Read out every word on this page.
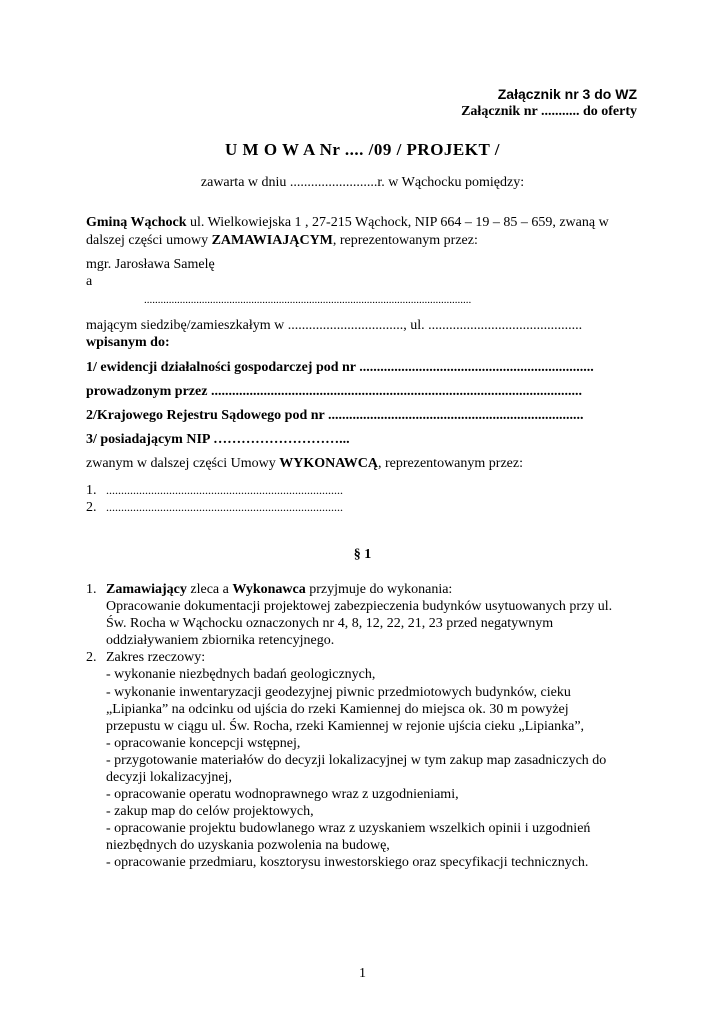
Załącznik nr 3 do WZ
Załącznik nr ........... do oferty
U M O W A Nr .... /09 / PROJEKT /
zawarta w dniu .........................r. w Wąchocku pomiędzy:
Gminą Wąchock ul. Wielkowiejska 1 , 27-215 Wąchock, NIP 664 – 19 – 85 – 659, zwaną w
dalszej części umowy ZAMAWIAJĄCYM, reprezentowanym przez:
mgr. Jarosława Samelę
a
.......................................................................................................................
mającym siedzibę/zamieszkałym w ................................., ul. ............................................
wpisanym do:
1/ ewidencji działalności gospodarczej pod nr ...................................................................
prowadzonym przez ..........................................................................................................
2/Krajowego Rejestru Sądowego pod nr .........................................................................
3/ posiadającym NIP ………………………...
zwanym w dalszej części Umowy WYKONAWCĄ, reprezentowanym przez:
1. ...............................................................................
2. ...............................................................................
§ 1
1. Zamawiający zleca a Wykonawca przyjmuje do wykonania:
Opracowanie dokumentacji projektowej zabezpieczenia budynków usytuowanych przy ul.
Św. Rocha w Wąchocku oznaczonych nr 4, 8, 12, 22, 21, 23 przed negatywnym
oddziaływaniem zbiornika retencyjnego.
2. Zakres rzeczowy:
- wykonanie niezbędnych badań geologicznych,
- wykonanie inwentaryzacji geodezyjnej piwnic przedmiotowych budynków, cieku
„Lipianka” na odcinku od ujścia do rzeki Kamiennej do miejsca ok. 30 m powyżej
przepustu w ciągu ul. Św. Rocha, rzeki Kamiennej w rejonie ujścia cieku „Lipianka”,
- opracowanie koncepcji wstępnej,
- przygotowanie materiałów do decyzji lokalizacyjnej w tym zakup map zasadniczych do
decyzji lokalizacyjnej,
- opracowanie operatu wodnoprawnego wraz z uzgodnieniami,
- zakup map do celów projektowych,
- opracowanie projektu budowlanego wraz z uzyskaniem wszelkich opinii i uzgodnień
niezbędnych do uzyskania pozwolenia na budowę,
- opracowanie przedmiaru, kosztorysu inwestorskiego oraz specyfikacji technicznych.
1
